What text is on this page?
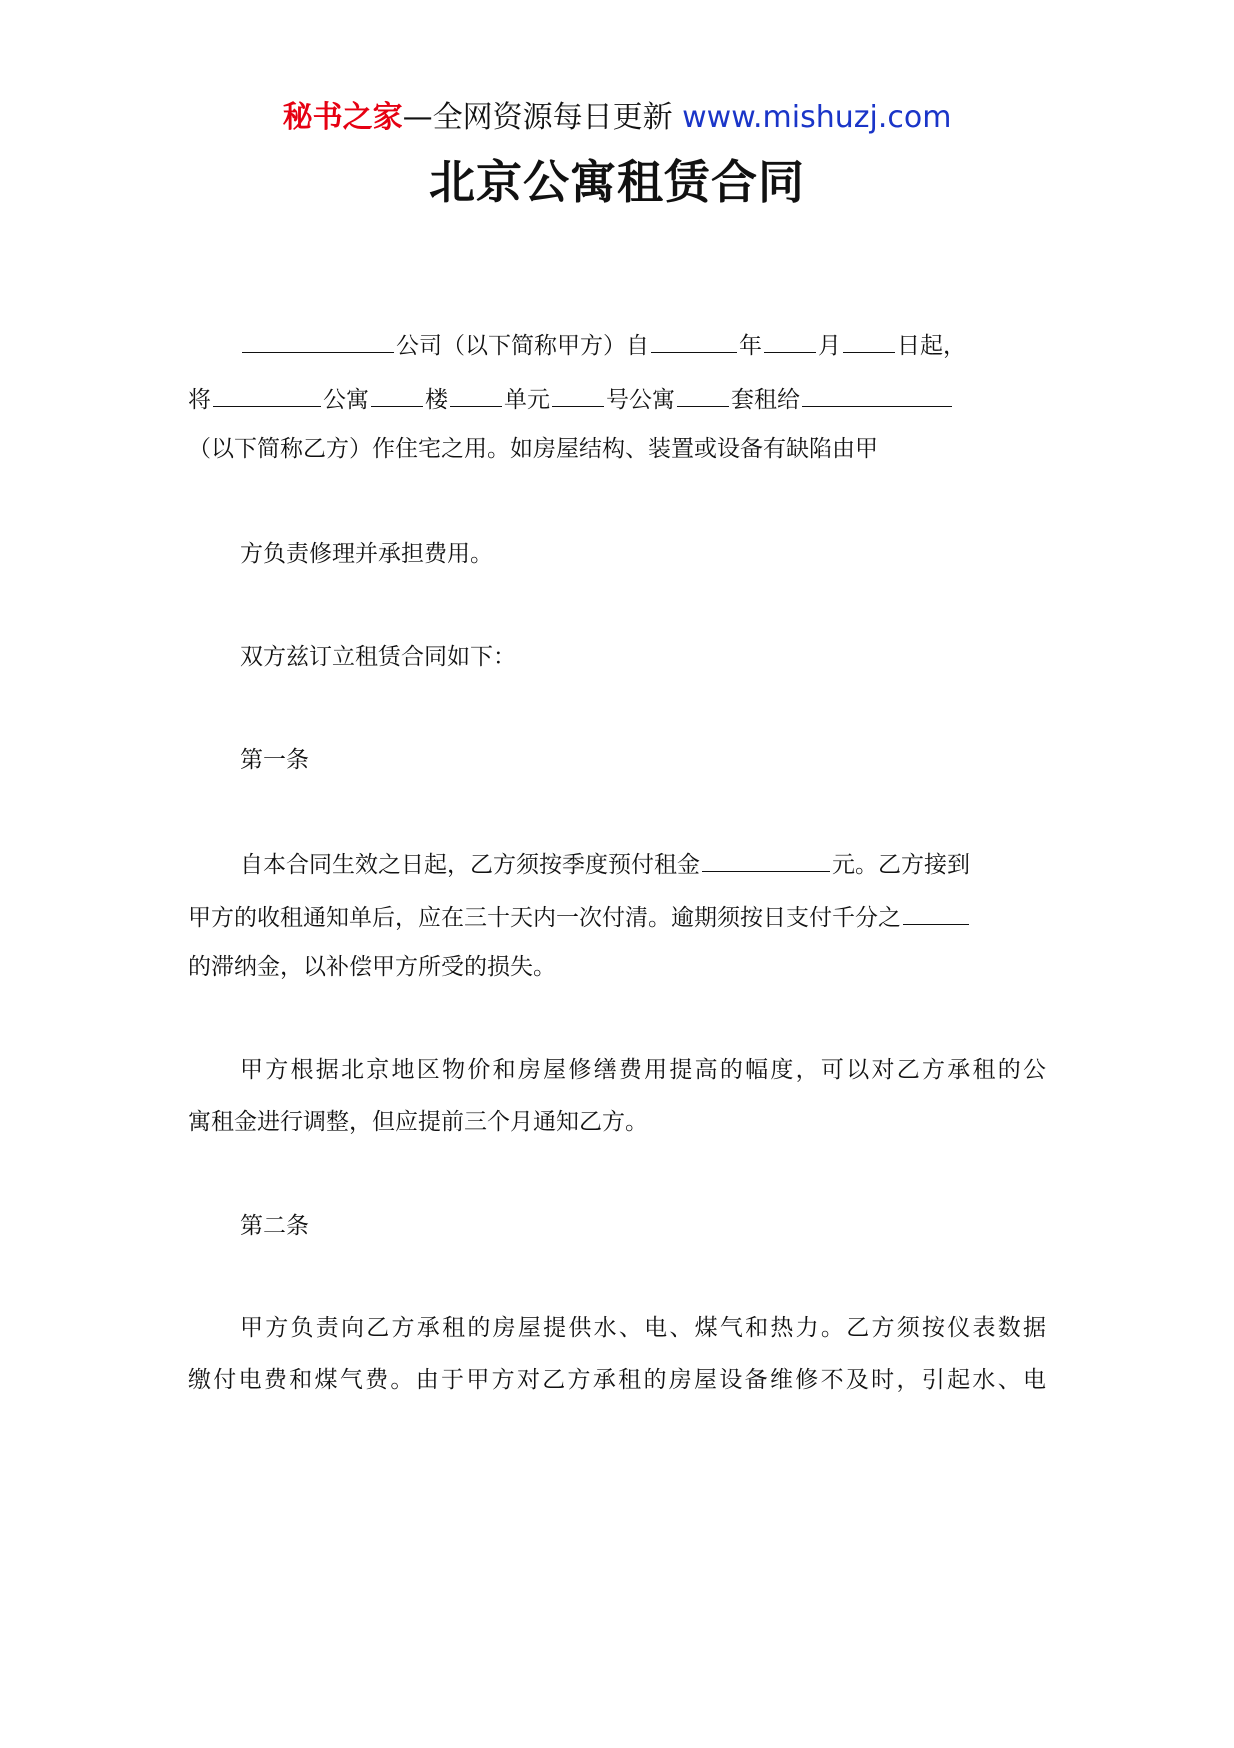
秘书之家—全网资源每日更新 www.mishuzj.com
北京公寓租赁合同
公司（以下简称甲方）自	年 月 日起，
将	公寓 楼 单元 号公寓 套租给
（以下简称乙方）作住宅之用。如房屋结构、装置或设备有缺陷由甲
方负责修理并承担费用。
双方兹订立租赁合同如下：
第一条
自本合同生效之日起，乙方须按季度预付租金	元。乙方接到
甲方的收租通知单后，应在三十天内一次付清。逾期须按日支付千分之
的滞纳金，以补偿甲方所受的损失。
甲方根据北京地区物价和房屋修缮费用提高的幅度，可以对乙方承租的公
寓租金进行调整，但应提前三个月通知乙方。
第二条
甲方负责向乙方承租的房屋提供水、电、煤气和热力。乙方须按仪表数据
缴付电费和煤气费。由于甲方对乙方承租的房屋设备维修不及时，引起水、电
